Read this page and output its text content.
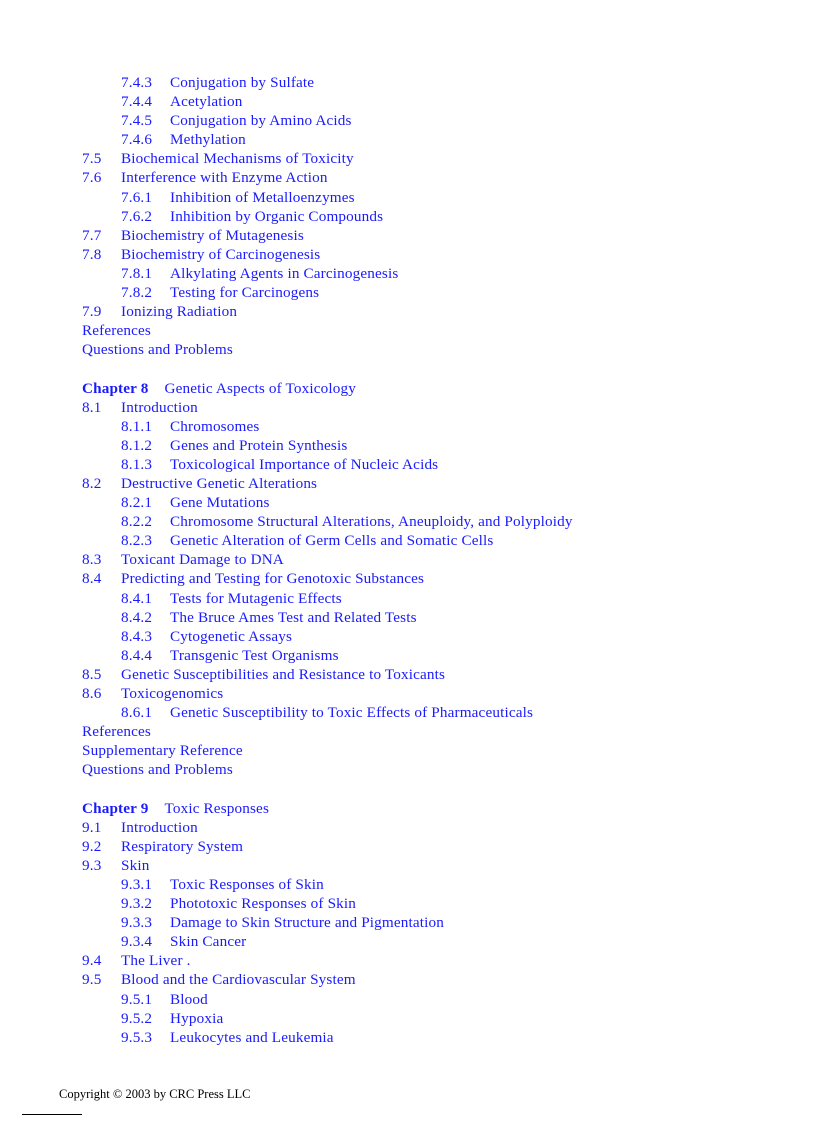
7.4.3 Conjugation by Sulfate
7.4.4 Acetylation
7.4.5 Conjugation by Amino Acids
7.4.6 Methylation
7.5 Biochemical Mechanisms of Toxicity
7.6 Interference with Enzyme Action
7.6.1 Inhibition of Metalloenzymes
7.6.2 Inhibition by Organic Compounds
7.7 Biochemistry of Mutagenesis
7.8 Biochemistry of Carcinogenesis
7.8.1 Alkylating Agents in Carcinogenesis
7.8.2 Testing for Carcinogens
7.9 Ionizing Radiation
References
Questions and Problems
Chapter 8 Genetic Aspects of Toxicology
8.1 Introduction
8.1.1 Chromosomes
8.1.2 Genes and Protein Synthesis
8.1.3 Toxicological Importance of Nucleic Acids
8.2 Destructive Genetic Alterations
8.2.1 Gene Mutations
8.2.2 Chromosome Structural Alterations, Aneuploidy, and Polyploidy
8.2.3 Genetic Alteration of Germ Cells and Somatic Cells
8.3 Toxicant Damage to DNA
8.4 Predicting and Testing for Genotoxic Substances
8.4.1 Tests for Mutagenic Effects
8.4.2 The Bruce Ames Test and Related Tests
8.4.3 Cytogenetic Assays
8.4.4 Transgenic Test Organisms
8.5 Genetic Susceptibilities and Resistance to Toxicants
8.6 Toxicogenomics
8.6.1 Genetic Susceptibility to Toxic Effects of Pharmaceuticals
References
Supplementary Reference
Questions and Problems
Chapter 9 Toxic Responses
9.1 Introduction
9.2 Respiratory System
9.3 Skin
9.3.1 Toxic Responses of Skin
9.3.2 Phototoxic Responses of Skin
9.3.3 Damage to Skin Structure and Pigmentation
9.3.4 Skin Cancer
9.4 The Liver .
9.5 Blood and the Cardiovascular System
9.5.1 Blood
9.5.2 Hypoxia
9.5.3 Leukocytes and Leukemia
Copyright © 2003 by CRC Press LLC
